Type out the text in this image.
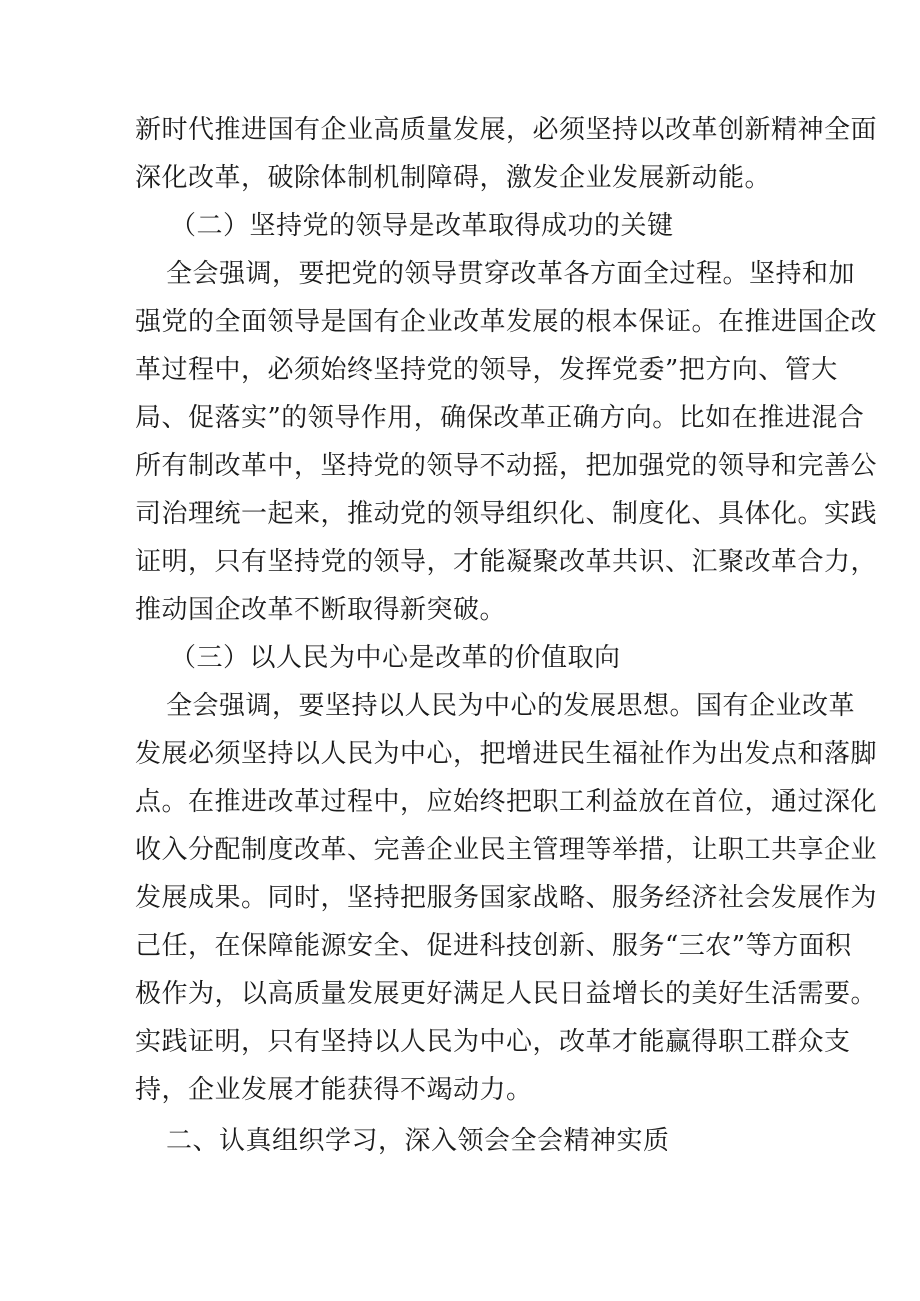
新时代推进国有企业高质量发展，必须坚持以改革创新精神全面
深化改革，破除体制机制障碍，激发企业发展新动能。
（二）坚持党的领导是改革取得成功的关键
全会强调，要把党的领导贯穿改革各方面全过程。坚持和加
强党的全面领导是国有企业改革发展的根本保证。在推进国企改
革过程中，必须始终坚持党的领导，发挥党委”把方向、管大
局、促落实”的领导作用，确保改革正确方向。比如在推进混合
所有制改革中，坚持党的领导不动摇，把加强党的领导和完善公
司治理统一起来，推动党的领导组织化、制度化、具体化。实践
证明，只有坚持党的领导，才能凝聚改革共识、汇聚改革合力，
推动国企改革不断取得新突破。
（三）以人民为中心是改革的价值取向
全会强调，要坚持以人民为中心的发展思想。国有企业改革
发展必须坚持以人民为中心，把增进民生福祉作为出发点和落脚
点。在推进改革过程中，应始终把职工利益放在首位，通过深化
收入分配制度改革、完善企业民主管理等举措，让职工共享企业
发展成果。同时，坚持把服务国家战略、服务经济社会发展作为
己任，在保障能源安全、促进科技创新、服务“三农”等方面积
极作为，以高质量发展更好满足人民日益增长的美好生活需要。
实践证明，只有坚持以人民为中心，改革才能赢得职工群众支
持，企业发展才能获得不竭动力。
二、认真组织学习，深入领会全会精神实质
